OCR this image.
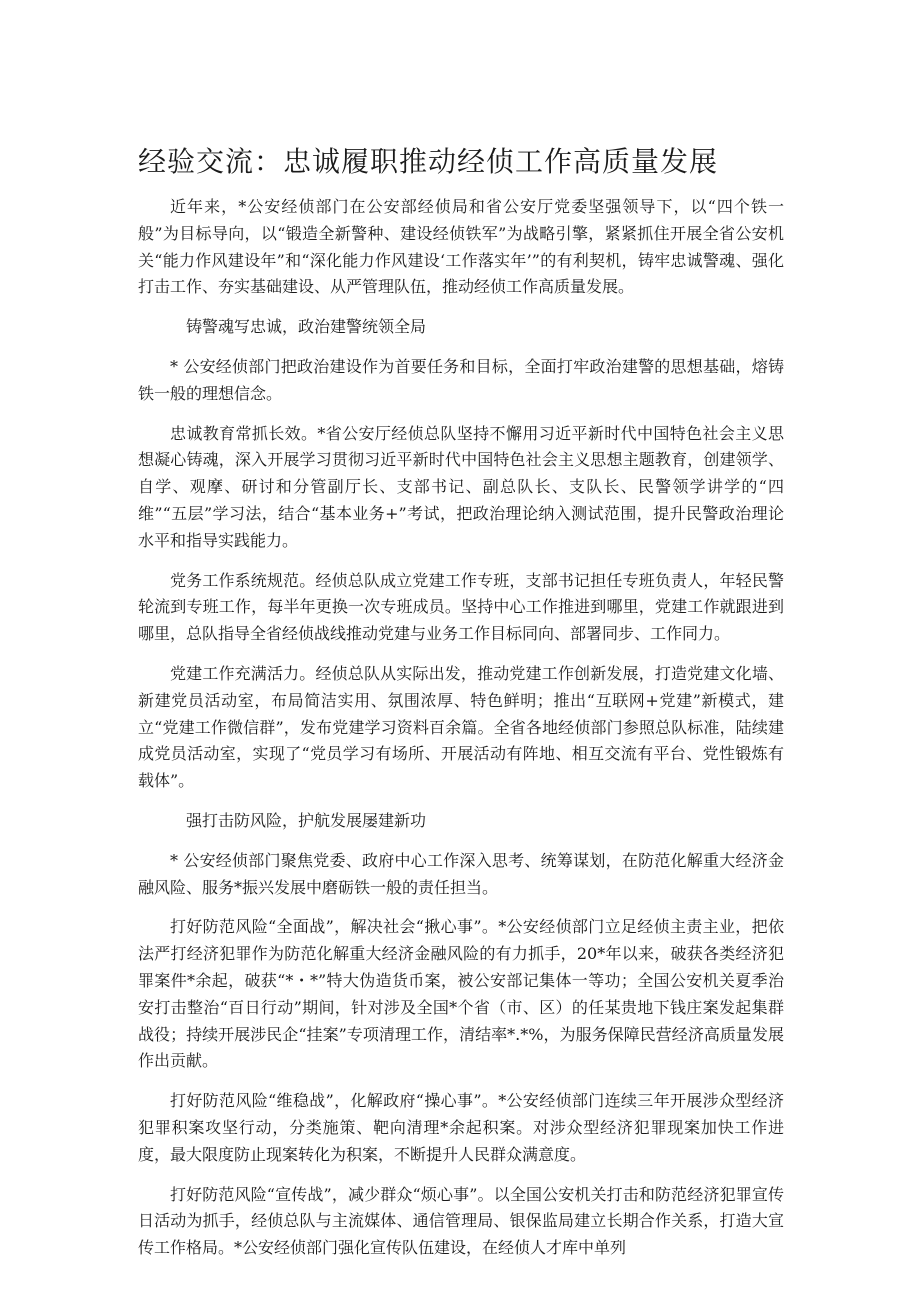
经验交流：忠诚履职推动经侦工作高质量发展

近年来，*公安经侦部门在公安部经侦局和省公安厅党委坚强领导下，以“四个铁一般”为目标导向，以“锻造全新警种、建设经侦铁军”为战略引擎，紧紧抓住开展全省公安机关“能力作风建设年”和“深化能力作风建设‘工作落实年’”的有利契机，铸牢忠诚警魂、强化打击工作、夯实基础建设、从严管理队伍，推动经侦工作高质量发展。

铸警魂写忠诚，政治建警统领全局

* 公安经侦部门把政治建设作为首要任务和目标，全面打牢政治建警的思想基础，熔铸铁一般的理想信念。

忠诚教育常抓长效。*省公安厅经侦总队坚持不懈用习近平新时代中国特色社会主义思想凝心铸魂，深入开展学习贯彻习近平新时代中国特色社会主义思想主题教育，创建领学、自学、观摩、研讨和分管副厅长、支部书记、副总队长、支队长、民警领学讲学的“四维”“五层”学习法，结合“基本业务+”考试，把政治理论纳入测试范围，提升民警政治理论水平和指导实践能力。

党务工作系统规范。经侦总队成立党建工作专班，支部书记担任专班负责人，年轻民警轮流到专班工作，每半年更换一次专班成员。坚持中心工作推进到哪里，党建工作就跟进到哪里，总队指导全省经侦战线推动党建与业务工作目标同向、部署同步、工作同力。

党建工作充满活力。经侦总队从实际出发，推动党建工作创新发展，打造党建文化墙、新建党员活动室，布局简洁实用、氛围浓厚、特色鲜明；推出“互联网+党建”新模式，建立“党建工作微信群”，发布党建学习资料百余篇。全省各地经侦部门参照总队标准，陆续建成党员活动室，实现了“党员学习有场所、开展活动有阵地、相互交流有平台、党性锻炼有载体”。

强打击防风险，护航发展屡建新功

* 公安经侦部门聚焦党委、政府中心工作深入思考、统筹谋划，在防范化解重大经济金融风险、服务*振兴发展中磨砺铁一般的责任担当。

打好防范风险“全面战”，解决社会“揪心事”。*公安经侦部门立足经侦主责主业，把依法严打经济犯罪作为防范化解重大经济金融风险的有力抓手，20*年以来，破获各类经济犯罪案件*余起，破获“*・*”特大伪造货币案，被公安部记集体一等功；全国公安机关夏季治安打击整治“百日行动”期间，针对涉及全国*个省（市、区）的任某贵地下钱庄案发起集群战役；持续开展涉民企“挂案”专项清理工作，清结率*.*%，为服务保障民营经济高质量发展作出贡献。

打好防范风险“维稳战”，化解政府“操心事”。*公安经侦部门连续三年开展涉众型经济犯罪积案攻坚行动，分类施策、靶向清理*余起积案。对涉众型经济犯罪现案加快工作进度，最大限度防止现案转化为积案，不断提升人民群众满意度。

打好防范风险“宣传战”，减少群众“烦心事”。以全国公安机关打击和防范经济犯罪宣传日活动为抓手，经侦总队与主流媒体、通信管理局、银保监局建立长期合作关系，打造大宣传工作格局。*公安经侦部门强化宣传队伍建设，在经侦人才库中单列
